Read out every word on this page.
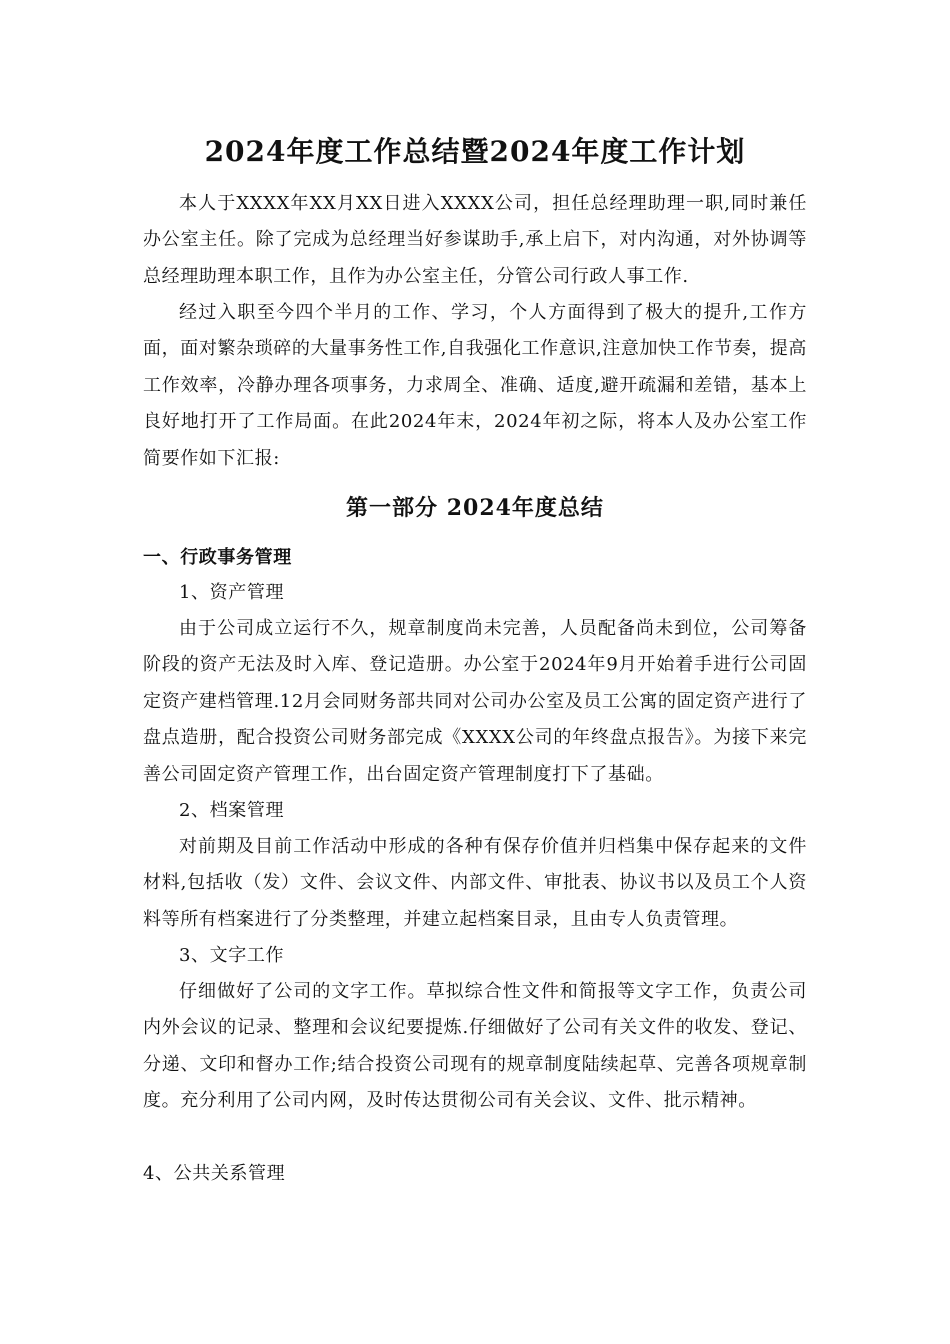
2024年度工作总结暨2024年度工作计划
本人于XXXX年XX月XX日进入XXXX公司，担任总经理助理一职,同时兼任办公室主任。除了完成为总经理当好参谋助手,承上启下，对内沟通，对外协调等总经理助理本职工作，且作为办公室主任，分管公司行政人事工作.
经过入职至今四个半月的工作、学习，个人方面得到了极大的提升,工作方面，面对繁杂琐碎的大量事务性工作,自我强化工作意识,注意加快工作节奏，提高工作效率，冷静办理各项事务，力求周全、准确、适度,避开疏漏和差错，基本上良好地打开了工作局面。在此2024年末，2024年初之际，将本人及办公室工作简要作如下汇报:
第一部分 2024年度总结
一、行政事务管理
1、资产管理
由于公司成立运行不久，规章制度尚未完善，人员配备尚未到位，公司筹备阶段的资产无法及时入库、登记造册。办公室于2024年9月开始着手进行公司固定资产建档管理.12月会同财务部共同对公司办公室及员工公寓的固定资产进行了盘点造册，配合投资公司财务部完成《XXXX公司的年终盘点报告》。为接下来完善公司固定资产管理工作，出台固定资产管理制度打下了基础。
2、档案管理
对前期及目前工作活动中形成的各种有保存价值并归档集中保存起来的文件材料,包括收（发）文件、会议文件、内部文件、审批表、协议书以及员工个人资料等所有档案进行了分类整理，并建立起档案目录，且由专人负责管理。
3、文字工作
仔细做好了公司的文字工作。草拟综合性文件和简报等文字工作，负责公司内外会议的记录、整理和会议纪要提炼.仔细做好了公司有关文件的收发、登记、分递、文印和督办工作;结合投资公司现有的规章制度陆续起草、完善各项规章制度。充分利用了公司内网，及时传达贯彻公司有关会议、文件、批示精神。
4、公共关系管理
